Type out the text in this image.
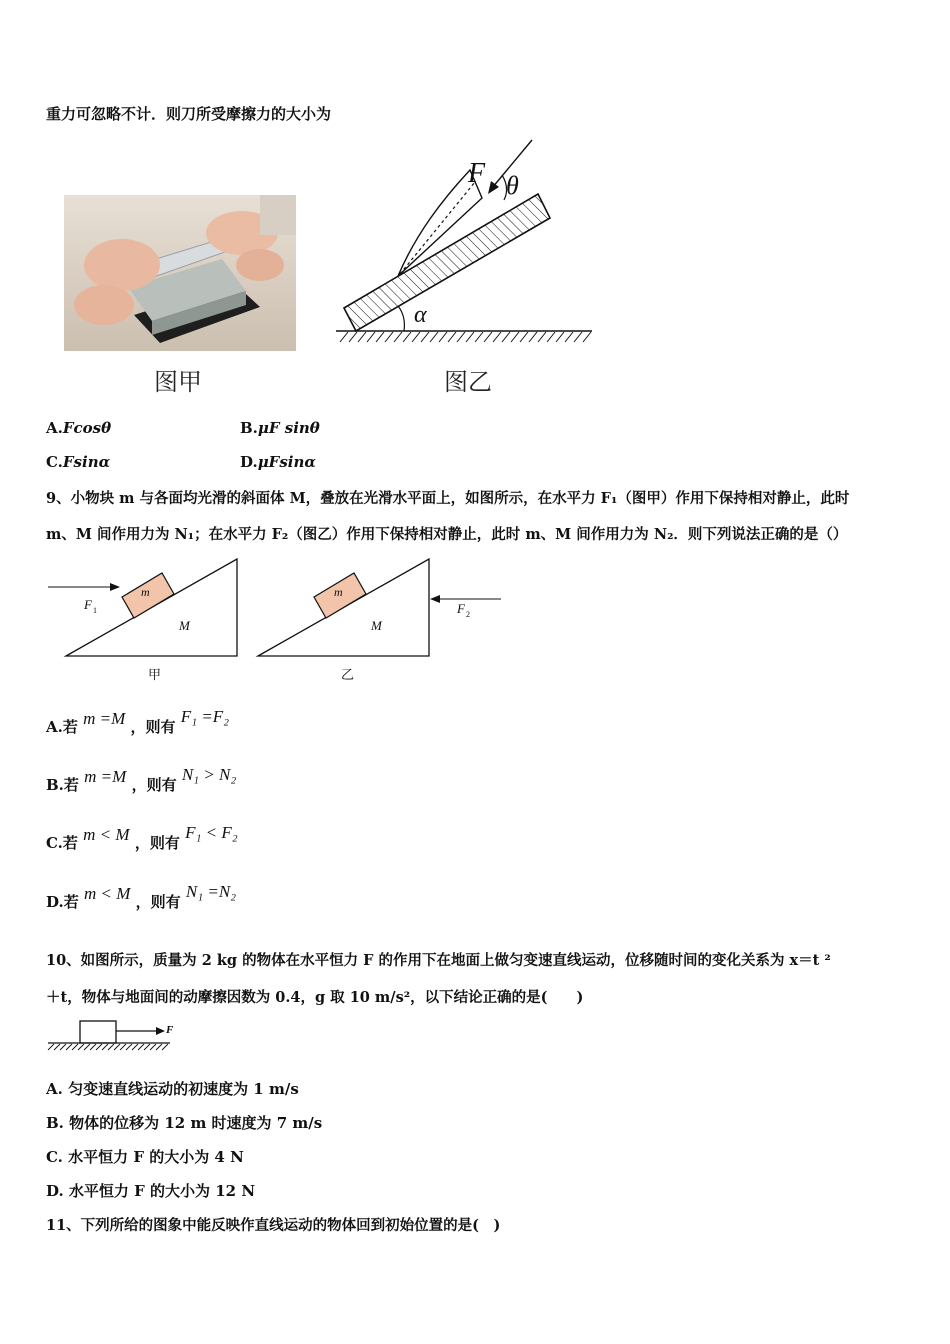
重力可忽略不计．则刀所受摩擦力的大小为
F θ
α
图甲	图乙
A.Fcosθ	B.μF sinθ
C.Fsinα	D.μFsinα
9、小物块 m 与各面均光滑的斜面体 M，叠放在光滑水平面上，如图所示，在水平力 F₁（图甲）作用下保持相对静止，此时
m、M 间作用力为 N₁；在水平力 F₂（图乙）作用下保持相对静止，此时 m、M 间作用力为 N₂．则下列说法正确的是（）
m
M
F 1
甲
m
M
F 2
乙
A.若 m =M ，则有 F₁ =F₂
B.若 m =M ，则有 N₁ > N₂
C.若 m < M ，则有 F₁ < F₂
D.若 m < M ，则有 N₁ =N₂
10、如图所示，质量为 2 kg 的物体在水平恒力 F 的作用下在地面上做匀变速直线运动，位移随时间的变化关系为 x＝t ²
＋t，物体与地面间的动摩擦因数为 0.4，g 取 10 m/s²，以下结论正确的是(　　)
F
A. 匀变速直线运动的初速度为 1 m/s
B. 物体的位移为 12 m 时速度为 7 m/s
C. 水平恒力 F 的大小为 4 N
D. 水平恒力 F 的大小为 12 N
11、下列所给的图象中能反映作直线运动的物体回到初始位置的是(　)
